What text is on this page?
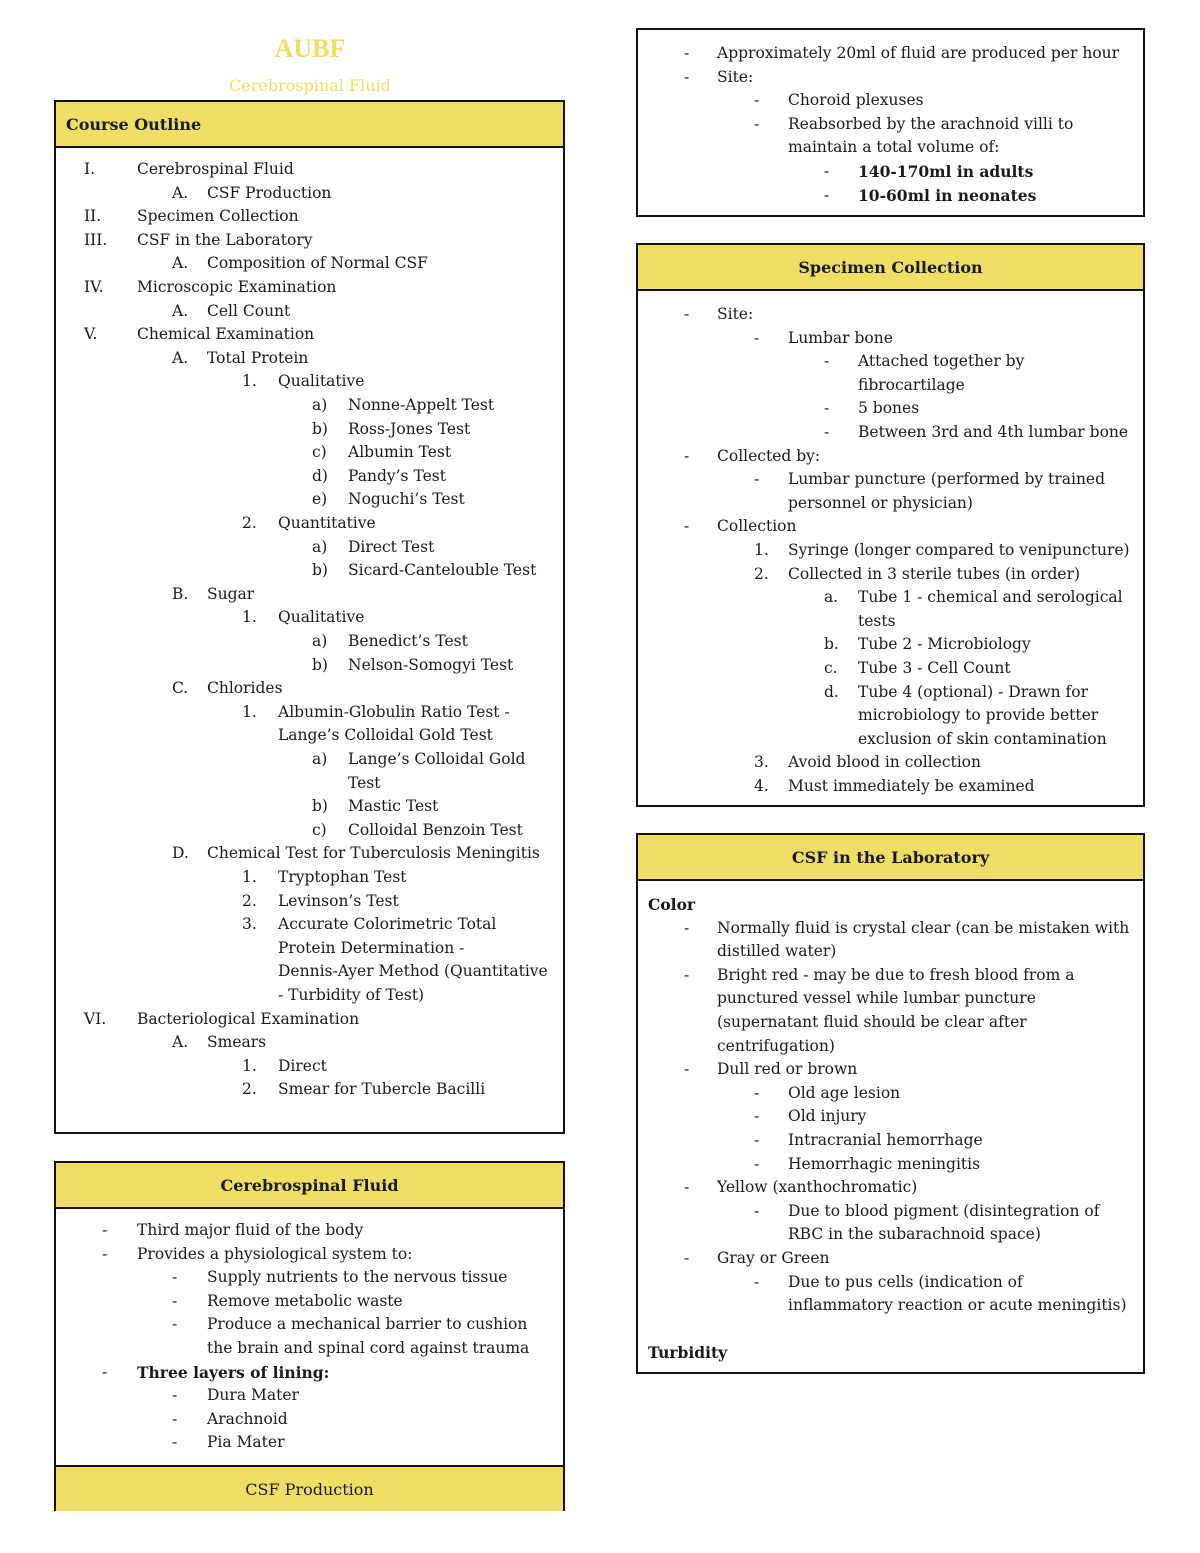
AUBF
Cerebrospinal Fluid
Course Outline
I.	Cerebrospinal Fluid
A. CSF Production
II. Specimen Collection
III. CSF in the Laboratory
A. Composition of Normal CSF
IV. Microscopic Examination
A. Cell Count
V.	Chemical Examination
A. Total Protein
1. Qualitative
a) Nonne-Appelt Test
b) Ross-Jones Test
c) Albumin Test
d) Pandy’s Test
e) Noguchi’s Test
2. Quantitative
a) Direct Test
b) Sicard-Cantelouble Test
B. Sugar
1. Qualitative
a) Benedict’s Test
b) Nelson-Somogyi Test
C. Chlorides
1. Albumin-Globulin Ratio Test -
Lange’s Colloidal Gold Test
a) Lange’s Colloidal Gold
Test
b) Mastic Test
c) Colloidal Benzoin Test
D. Chemical Test for Tuberculosis Meningitis
1. Tryptophan Test
2. Levinson’s Test
3. Accurate Colorimetric Total
Protein Determination -
Dennis-Ayer Method (Quantitative
- Turbidity of Test)
VI. Bacteriological Examination
A. Smears
1. Direct
2. Smear for Tubercle Bacilli
Cerebrospinal Fluid
- Third major fluid of the body
- Provides a physiological system to:
- Supply nutrients to the nervous tissue
- Remove metabolic waste
- Produce a mechanical barrier to cushion
the brain and spinal cord against trauma
- Three layers of lining:
- Dura Mater
- Arachnoid
- Pia Mater
CSF Production
- Approximately 20ml of fluid are produced per hour
- Site:
- Choroid plexuses
- Reabsorbed by the arachnoid villi to
maintain a total volume of:
- 140-170ml in adults
- 10-60ml in neonates
Specimen Collection
- Site:
- Lumbar bone
- Attached together by
fibrocartilage
- 5 bones
- Between 3rd and 4th lumbar bone
- Collected by:
- Lumbar puncture (performed by trained
personnel or physician)
- Collection
1. Syringe (longer compared to venipuncture)
2. Collected in 3 sterile tubes (in order)
a. Tube 1 - chemical and serological
tests
b. Tube 2 - Microbiology
c. Tube 3 - Cell Count
d. Tube 4 (optional) - Drawn for
microbiology to provide better
exclusion of skin contamination
3. Avoid blood in collection
4. Must immediately be examined
CSF in the Laboratory
Color
- Normally fluid is crystal clear (can be mistaken with
distilled water)
- Bright red - may be due to fresh blood from a
punctured vessel while lumbar puncture
(supernatant fluid should be clear after
centrifugation)
- Dull red or brown
- Old age lesion
- Old injury
- Intracranial hemorrhage
- Hemorrhagic meningitis
- Yellow (xanthochromatic)
- Due to blood pigment (disintegration of
RBC in the subarachnoid space)
- Gray or Green
- Due to pus cells (indication of
inflammatory reaction or acute meningitis)
Turbidity
